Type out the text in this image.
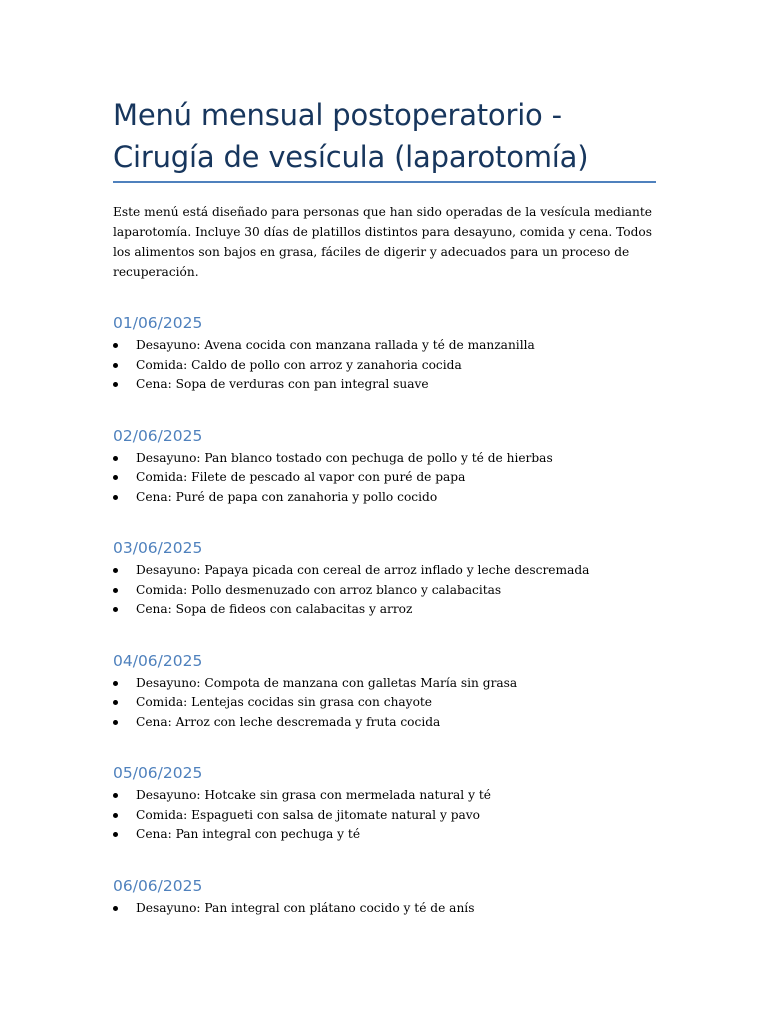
Menú mensual postoperatorio - Cirugía de vesícula (laparotomía)

Este menú está diseñado para personas que han sido operadas de la vesícula mediante laparotomía. Incluye 30 días de platillos distintos para desayuno, comida y cena. Todos los alimentos son bajos en grasa, fáciles de digerir y adecuados para un proceso de recuperación.

01/06/2025
Desayuno: Avena cocida con manzana rallada y té de manzanilla
Comida: Caldo de pollo con arroz y zanahoria cocida
Cena: Sopa de verduras con pan integral suave
02/06/2025
Desayuno: Pan blanco tostado con pechuga de pollo y té de hierbas
Comida: Filete de pescado al vapor con puré de papa
Cena: Puré de papa con zanahoria y pollo cocido
03/06/2025
Desayuno: Papaya picada con cereal de arroz inflado y leche descremada
Comida: Pollo desmenuzado con arroz blanco y calabacitas
Cena: Sopa de fideos con calabacitas y arroz
04/06/2025
Desayuno: Compota de manzana con galletas María sin grasa
Comida: Lentejas cocidas sin grasa con chayote
Cena: Arroz con leche descremada y fruta cocida
05/06/2025
Desayuno: Hotcake sin grasa con mermelada natural y té
Comida: Espagueti con salsa de jitomate natural y pavo
Cena: Pan integral con pechuga y té
06/06/2025
Desayuno: Pan integral con plátano cocido y té de anís
